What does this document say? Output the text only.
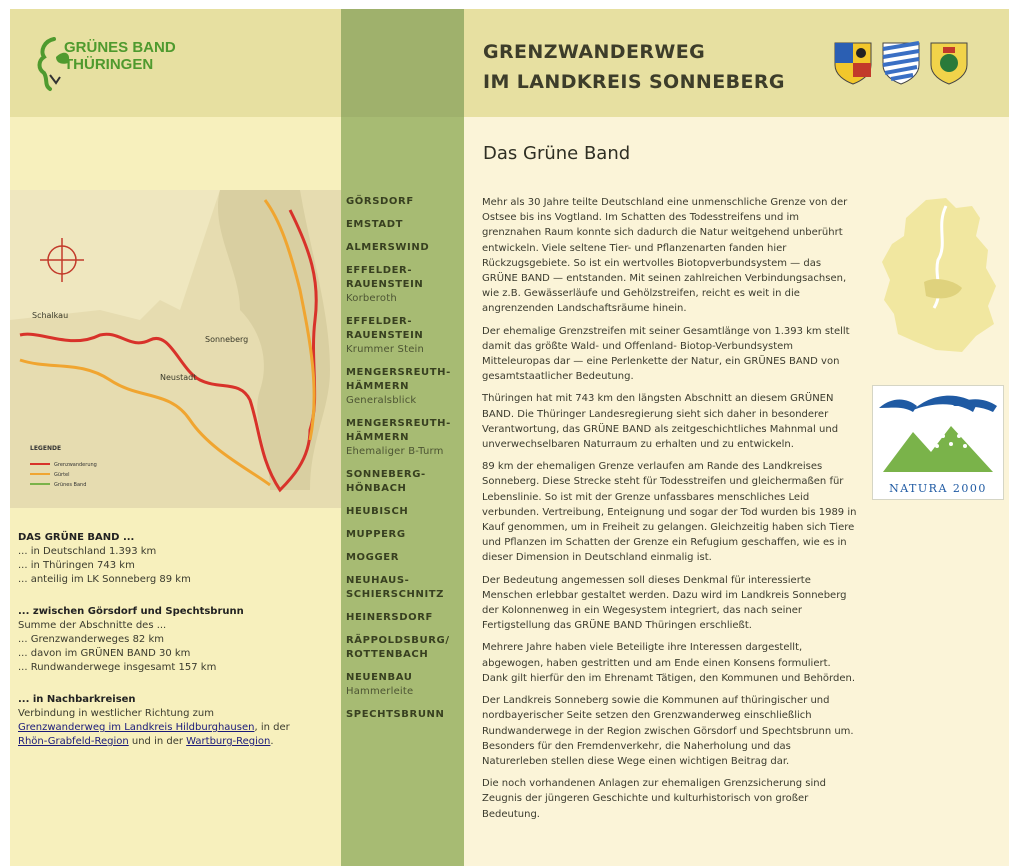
GRÜNES BAND
THÜRINGEN
GRENZWANDERWEG
IM LANDKREIS SONNEBERG
Schalkau
Sonneberg
Neustadt
LEGENDE
Grenzwanderung
Gürtel
Grünes Band
DAS GRÜNE BAND ...

... in Deutschland 1.393 km

... in Thüringen 743 km

... anteilig im LK Sonneberg 89 km

... zwischen Görsdorf und Spechtsbrunn

Summe der Abschnitte des ...

... Grenzwanderweges 82 km

... davon im GRÜNEN BAND 30 km

... Rundwanderwege insgesamt 157 km

... in Nachbarkreisen

Verbindung in westlicher Richtung zum
Grenzwanderweg im Landkreis Hildburghausen, in der
Rhön-Grabfeld-Region und in der Wartburg-Region.

GÖRSDORF
EMSTADT
ALMERSWIND
EFFELDER-RAUENSTEIN
Korberoth
EFFELDER-RAUENSTEIN
Krummer Stein
MENGERSREUTH-HÄMMERN
Generalsblick
MENGERSREUTH-HÄMMERN
Ehemaliger B-Turm
SONNEBERG-HÖNBACH
HEUBISCH
MUPPERG
MOGGER
NEUHAUS-SCHIERSCHNITZ
HEINERSDORF
RÄPPOLDSBURG/ ROTTENBACH
NEUENBAU
Hammerleite
SPECHTSBRUNN
Das Grüne Band

Mehr als 30 Jahre teilte Deutschland eine unmenschliche Grenze von der Ostsee bis ins Vogtland. Im Schatten des Todesstreifens und im grenznahen Raum konnte sich dadurch die Natur weitgehend unberührt entwickeln. Viele seltene Tier- und Pflanzenarten fanden hier Rückzugsgebiete. So ist ein wertvolles Biotopverbundsystem — das GRÜNE BAND — entstanden. Mit seinen zahlreichen Verbindungsachsen, wie z.B. Gewässerläufe und Gehölzstreifen, reicht es weit in die angrenzenden Landschaftsräume hinein.

Der ehemalige Grenzstreifen mit seiner Gesamtlänge von 1.393 km stellt damit das größte Wald- und Offenland- Biotop-Verbundsystem Mitteleuropas dar — eine Perlenkette der Natur, ein GRÜNES BAND von gesamtstaatlicher Bedeutung.

Thüringen hat mit 743 km den längsten Abschnitt an diesem GRÜNEN BAND. Die Thüringer Landesregierung sieht sich daher in besonderer Verantwortung, das GRÜNE BAND als zeitgeschichtliches Mahnmal und unverwechselbaren Naturraum zu erhalten und zu entwickeln.

89 km der ehemaligen Grenze verlaufen am Rande des Landkreises Sonneberg. Diese Strecke steht für Todesstreifen und gleichermaßen für Lebenslinie. So ist mit der Grenze unfassbares menschliches Leid verbunden. Vertreibung, Enteignung und sogar der Tod wurden bis 1989 in Kauf genommen, um in Freiheit zu gelangen. Gleichzeitig haben sich Tiere und Pflanzen im Schatten der Grenze ein Refugium geschaffen, wie es in dieser Dimension in Deutschland einmalig ist.

Der Bedeutung angemessen soll dieses Denkmal für interessierte Menschen erlebbar gestaltet werden. Dazu wird im Landkreis Sonneberg der Kolonnenweg in ein Wegesystem integriert, das nach seiner Fertigstellung das GRÜNE BAND Thüringen erschließt.

Mehrere Jahre haben viele Beteiligte ihre Interessen dargestellt, abgewogen, haben gestritten und am Ende einen Konsens formuliert. Dank gilt hierfür den im Ehrenamt Tätigen, den Kommunen und Behörden.

Der Landkreis Sonneberg sowie die Kommunen auf thüringischer und nordbayerischer Seite setzen den Grenzwanderweg einschließlich Rundwanderwege in der Region zwischen Görsdorf und Spechtsbrunn um. Besonders für den Fremdenverkehr, die Naherholung und das Naturerleben stellen diese Wege einen wichtigen Beitrag dar.

Die noch vorhandenen Anlagen zur ehemaligen Grenzsicherung sind Zeugnis der jüngeren Geschichte und kulturhistorisch von großer Bedeutung.

NATURA 2000
